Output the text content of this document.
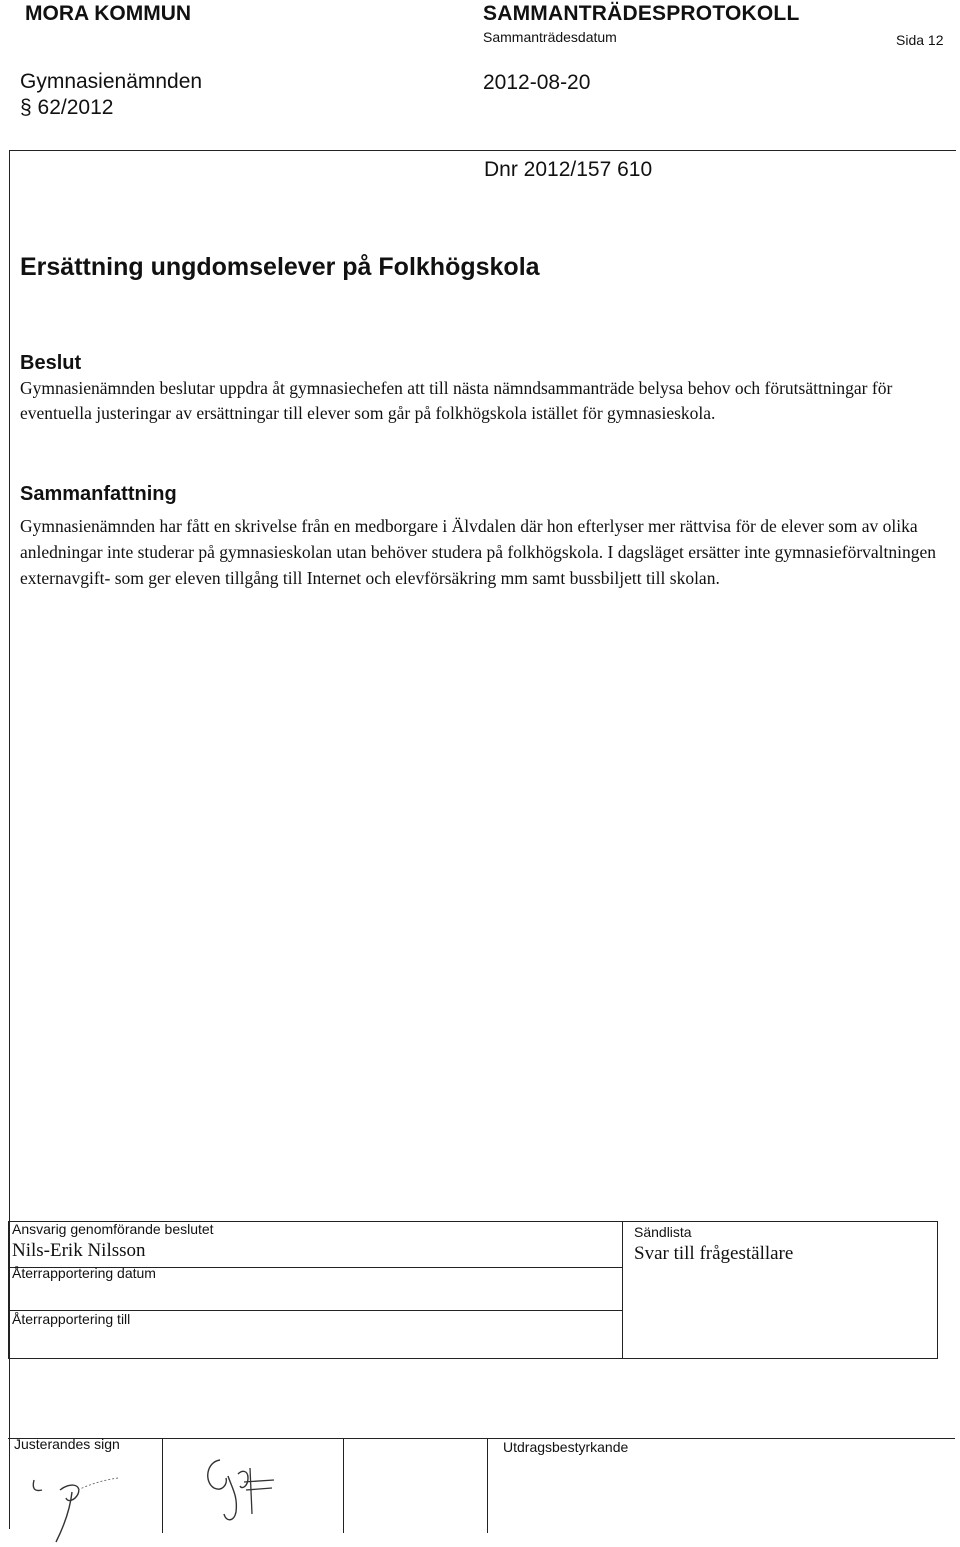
MORA KOMMUN	SAMMANTRÄDESPROTOKOLL
Sammanträdesdatum	Sida 12
Gymnasienämnden
§ 62/2012
2012-08-20
Dnr 2012/157 610
Ersättning ungdomselever på Folkhögskola
Beslut
Gymnasienämnden beslutar uppdra åt gymnasiechefen att till nästa nämndsammanträde belysa behov och förutsättningar för eventuella justeringar av ersättningar till elever som går på folkhögskola istället för gymnasieskola.
Sammanfattning
Gymnasienämnden har fått en skrivelse från en medborgare i Älvdalen där hon efterlyser mer rättvisa för de elever som av olika anledningar inte studerar på gymnasieskolan utan behöver studera på folkhögskola. I dagsläget ersätter inte gymnasieförvaltningen externavgift- som ger eleven tillgång till Internet och elevförsäkring mm samt bussbiljett till skolan.
Ansvarig genomförande beslutet
Nils-Erik Nilsson
Återrapportering datum
Återrapportering till
Sändlista
Svar till frågeställare
Justerandes sign	Utdragsbestyrkande
